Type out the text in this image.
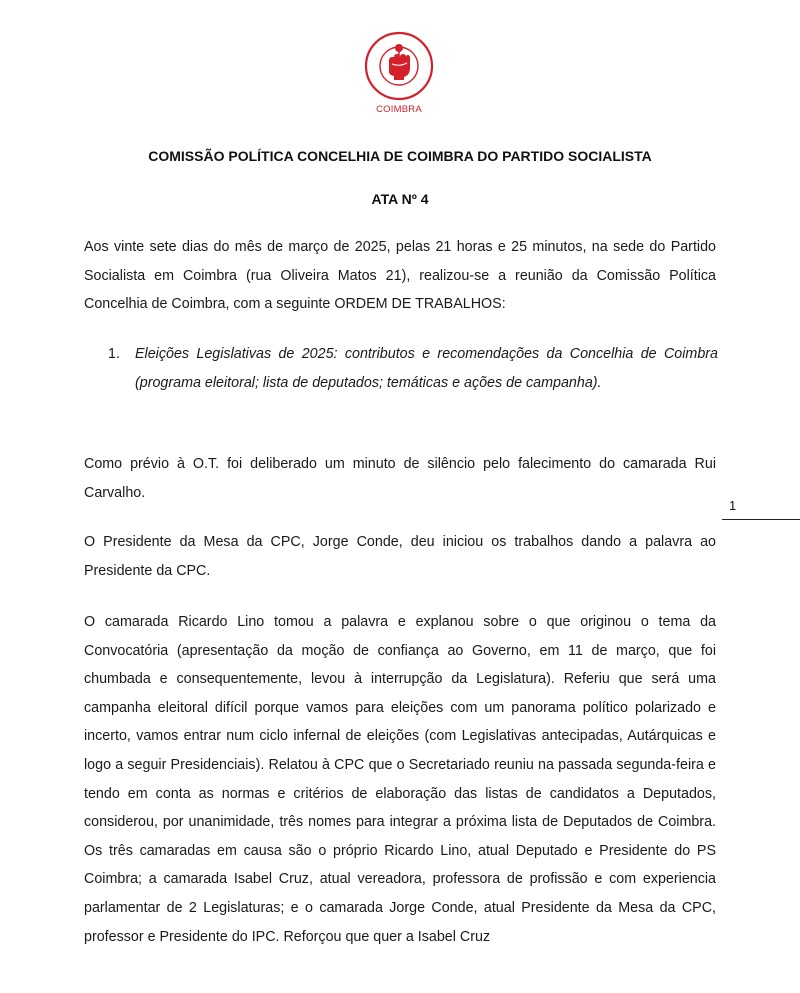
COIMBRA
COMISSÃO POLÍTICA CONCELHIA DE COIMBRA DO PARTIDO SOCIALISTA
ATA Nº 4
Aos vinte sete dias do mês de março de 2025, pelas 21 horas e 25 minutos, na sede do Partido Socialista em Coimbra (rua Oliveira Matos 21), realizou-se a reunião da Comissão Política Concelhia de Coimbra, com a seguinte ORDEM DE TRABALHOS:
1. Eleições Legislativas de 2025: contributos e recomendações da Concelhia de Coimbra (programa eleitoral; lista de deputados; temáticas e ações de campanha).
Como prévio à O.T. foi deliberado um minuto de silêncio pelo falecimento do camarada Rui Carvalho.
O Presidente da Mesa da CPC, Jorge Conde, deu iniciou os trabalhos dando a palavra ao Presidente da CPC.
O camarada Ricardo Lino tomou a palavra e explanou sobre o que originou o tema da Convocatória (apresentação da moção de confiança ao Governo, em 11 de março, que foi chumbada e consequentemente, levou à interrupção da Legislatura). Referiu que será uma campanha eleitoral difícil porque vamos para eleições com um panorama político polarizado e incerto, vamos entrar num ciclo infernal de eleições (com Legislativas antecipadas, Autárquicas e logo a seguir Presidenciais). Relatou à CPC que o Secretariado reuniu na passada segunda-feira e tendo em conta as normas e critérios de elaboração das listas de candidatos a Deputados, considerou, por unanimidade, três nomes para integrar a próxima lista de Deputados de Coimbra. Os três camaradas em causa são o próprio Ricardo Lino, atual Deputado e Presidente do PS Coimbra; a camarada Isabel Cruz, atual vereadora, professora de profissão e com experiencia parlamentar de 2 Legislaturas; e o camarada Jorge Conde, atual Presidente da Mesa da CPC, professor e Presidente do IPC. Reforçou que quer a Isabel Cruz
1
